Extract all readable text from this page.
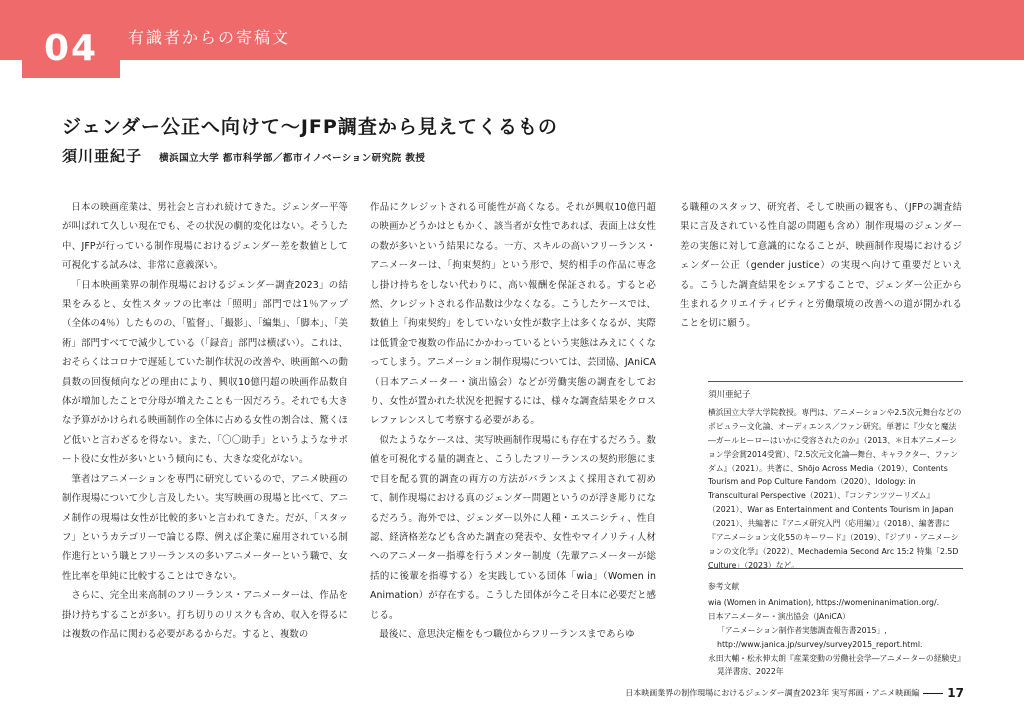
04	有識者からの寄稿文
ジェンダー公正へ向けて〜JFP調査から見えてくるもの
須川亜紀子 横浜国立大学 都市科学部／都市イノベーション研究院 教授

日本の映画産業は、男社会と言われ続けてきた。ジェンダー平等が叫ばれて久しい現在でも、その状況の劇的変化はない。そうした中、JFPが行っている制作現場におけるジェンダー差を数値として可視化する試みは、非常に意義深い。

「日本映画業界の制作現場におけるジェンダー調査2023」の結果をみると、女性スタッフの比率は「照明」部門では1％アップ（全体の4％）したものの、「監督」、「撮影」、「編集」、「脚本」、「美術」部門すべてで減少している（「録音」部門は横ばい）。これは、おそらくはコロナで遅延していた制作状況の改善や、映画館への動員数の回復傾向などの理由により、興収10億円超の映画作品数自体が増加したことで分母が増えたことも一因だろう。それでも大きな予算がかけられる映画制作の全体に占める女性の割合は、驚くほど低いと言わざるを得ない。また、「〇〇助手」というようなサポート役に女性が多いという傾向にも、大きな変化がない。

筆者はアニメーションを専門に研究しているので、アニメ映画の制作現場について少し言及したい。実写映画の現場と比べて、アニメ制作の現場は女性が比較的多いと言われてきた。だが、「スタッフ」というカテゴリーで論じる際、例えば企業に雇用されている制作進行という職とフリーランスの多いアニメーターという職で、女性比率を単純に比較することはできない。

さらに、完全出来高制のフリーランス・アニメーターは、作品を掛け持ちすることが多い。打ち切りのリスクも含め、収入を得るには複数の作品に関わる必要があるからだ。すると、複数の

作品にクレジットされる可能性が高くなる。それが興収10億円超の映画かどうかはともかく、該当者が女性であれば、表面上は女性の数が多いという結果になる。一方、スキルの高いフリーランス・アニメーターは、「拘束契約」という形で、契約相手の作品に専念し掛け持ちをしない代わりに、高い報酬を保証される。すると必然、クレジットされる作品数は少なくなる。こうしたケースでは、数値上「拘束契約」をしていない女性が数字上は多くなるが、実際は低賃金で複数の作品にかかわっているという実態はみえにくくなってしまう。アニメーション制作現場については、芸団協、JAniCA（日本アニメーター・演出協会）などが労働実態の調査をしており、女性が置かれた状況を把握するには、様々な調査結果をクロスレファレンスして考察する必要がある。

似たようなケースは、実写映画制作現場にも存在するだろう。数値を可視化する量的調査と、こうしたフリーランスの契約形態にまで目を配る質的調査の両方の方法がバランスよく採用されて初めて、制作現場における真のジェンダー問題というのが浮き彫りになるだろう。海外では、ジェンダー以外に人種・エスニシティ、性自認、経済格差なども含めた調査の発表や、女性やマイノリティ人材へのアニメーター指導を行うメンター制度（先輩アニメーターが総括的に後輩を指導する）を実践している団体「wia」（Women in Animation）が存在する。こうした団体が今こそ日本に必要だと感じる。

最後に、意思決定権をもつ職位からフリーランスまであらゆ

る職種のスタッフ、研究者、そして映画の観客も、（JFPの調査結果に言及されている性自認の問題も含め）制作現場のジェンダー差の実態に対して意識的になることが、映画制作現場におけるジェンダー公正（gender justice）の実現へ向けて重要だといえる。こうした調査結果をシェアすることで、ジェンダー公正から生まれるクリエイティビティと労働環境の改善への道が開かれることを切に願う。

須川亜紀子
横浜国立大学大学院教授。専門は、アニメーションや2.5次元舞台などのポピュラー文化論、オーディエンス／ファン研究。単著に『少女と魔法―ガールヒーローはいかに受容されたのか』（2013、＊日本アニメーション学会賞2014受賞）、『2.5次元文化論―舞台、キャラクター、ファンダム』（2021）。共著に、Shōjo Across Media（2019）、Contents Tourism and Pop Culture Fandom（2020）、Idology: in Transcultural Perspective（2021）、『コンテンツツーリズム』（2021）、War as Entertainment and Contents Tourism in Japan（2021）、共編著に『アニメ研究入門（応用編）』（2018）、編著書に『アニメーション文化55のキーワード』（2019）、『ジブリ・アニメーションの文化学』（2022）、Mechademia Second Arc 15:2 特集「2.5D Culture」（2023）など。
参考文献
wia (Women in Animation), https://womeninanimation.org/.
日本アニメーター・演出協会（JAniCA）
「アニメーション制作者実態調査報告書2015」,
http://www.janica.jp/survey/survey2015_report.html.
永田大輔・松永伸太朗『産業変動の労働社会学―アニメーターの経験史』
晃洋書房、2022年
日本映画業界の制作現場におけるジェンダー調査2023年 実写邦画・アニメ映画編 17
